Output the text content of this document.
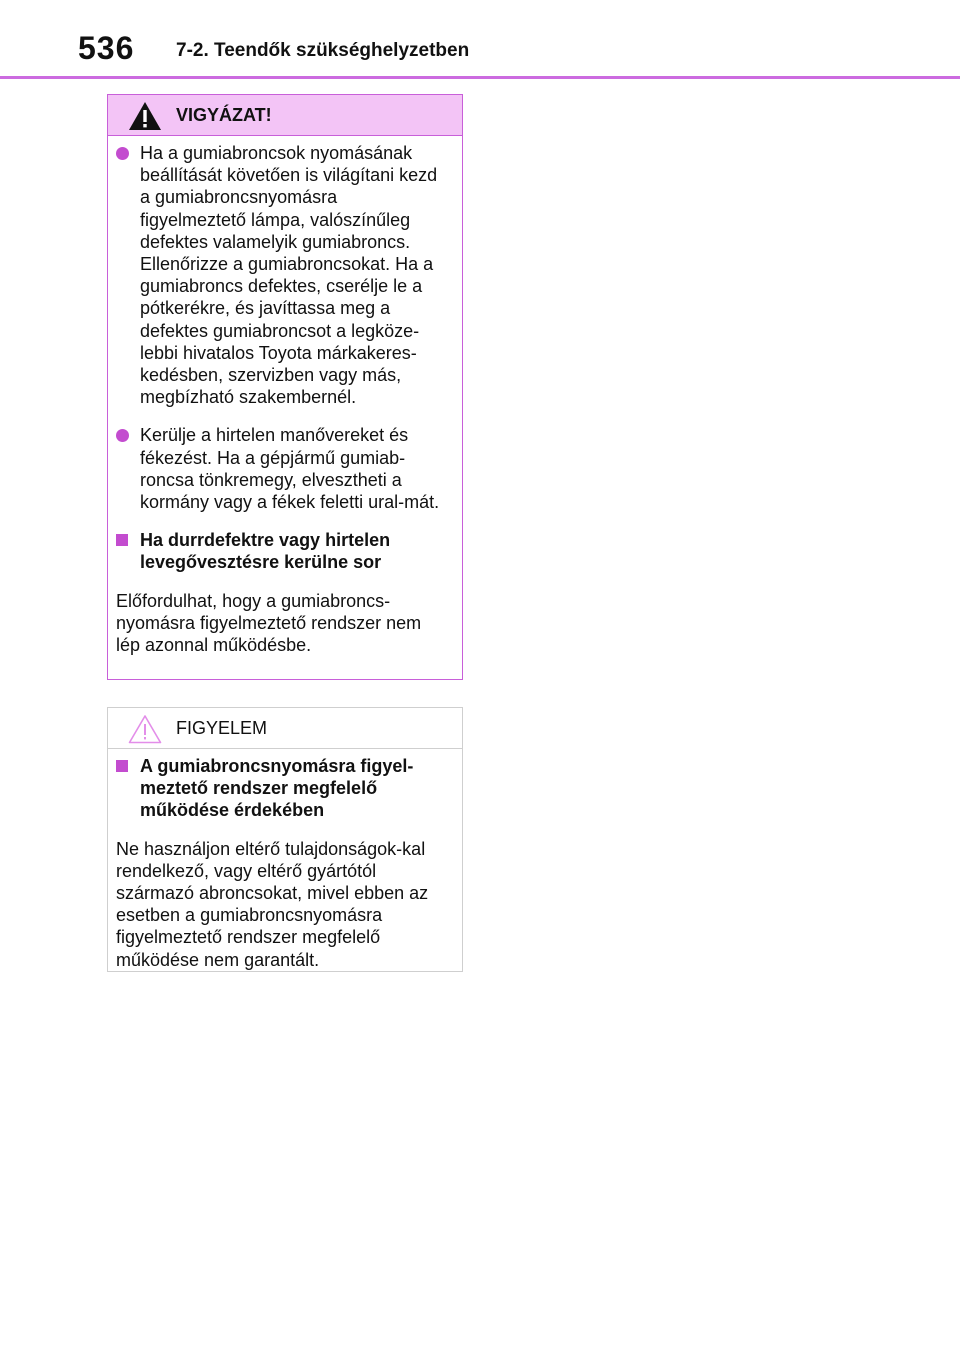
536 7-2. Teendők szükséghelyzetben
VIGYÁZAT!
Ha a gumiabroncsok nyomásának beállítását követően is világítani kezd a gumiabroncsnyomásra figyelmeztető lámpa, valószínűleg defektes valamelyik gumiabroncs. Ellenőrizze a gumiabroncsokat. Ha a gumiabroncs defektes, cserélje le a pótkerékre, és javíttassa meg a defektes gumiabroncsot a legköze-lebbi hivatalos Toyota márkakeres-kedésben, szervizben vagy más, megbízható szakembernél.
Kerülje a hirtelen manővereket és fékezést. Ha a gépjármű gumiab-roncsa tönkremegy, elvesztheti a kormány vagy a fékek feletti ural-mát.
Ha durrdefektre vagy hirtelen levegővesztésre kerülne sor
Előfordulhat, hogy a gumiabroncs-nyomásra figyelmeztető rendszer nem lép azonnal működésbe.
FIGYELEM
A gumiabroncsnyomásra figyel-meztető rendszer megfelelő működése érdekében
Ne használjon eltérő tulajdonságok-kal rendelkező, vagy eltérő gyártótól származó abroncsokat, mivel ebben az esetben a gumiabroncsnyomásra figyelmeztető rendszer megfelelő működése nem garantált.
